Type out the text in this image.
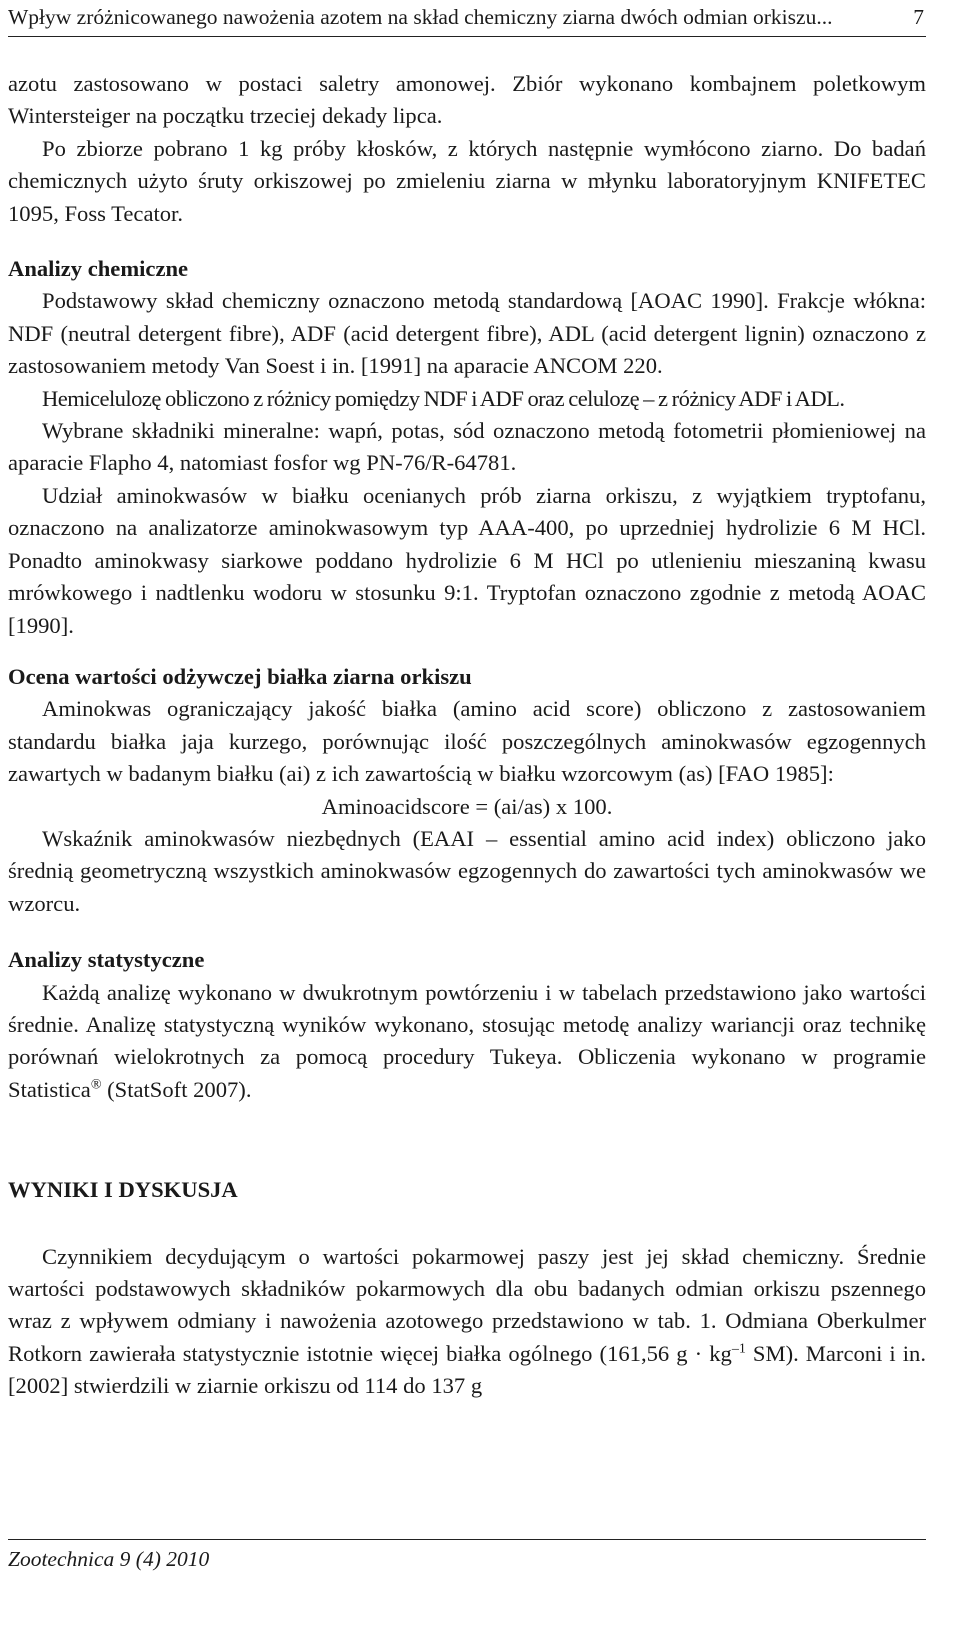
Wpływ zróżnicowanego nawożenia azotem na skład chemiczny ziarna dwóch odmian orkiszu...	7

azotu zastosowano w postaci saletry amonowej. Zbiór wykonano kombajnem poletkowym Wintersteiger na początku trzeciej dekady lipca.

Po zbiorze pobrano 1 kg próby kłosków, z których następnie wymłócono ziarno. Do badań chemicznych użyto śruty orkiszowej po zmieleniu ziarna w młynku laboratoryjnym KNIFETEC 1095, Foss Tecator.

Analizy chemiczne

Podstawowy skład chemiczny oznaczono metodą standardową [AOAC 1990]. Frakcje włókna: NDF (neutral detergent fibre), ADF (acid detergent fibre), ADL (acid detergent lignin) oznaczono z zastosowaniem metody Van Soest i in. [1991] na aparacie ANCOM 220.

Hemicelulozę obliczono z różnicy pomiędzy NDF i ADF oraz celulozę – z różnicy ADF i ADL.

Wybrane składniki mineralne: wapń, potas, sód oznaczono metodą fotometrii płomieniowej na aparacie Flapho 4, natomiast fosfor wg PN-76/R-64781.

Udział aminokwasów w białku ocenianych prób ziarna orkiszu, z wyjątkiem tryptofanu, oznaczono na analizatorze aminokwasowym typ AAA-400, po uprzedniej hydrolizie 6 M HCl. Ponadto aminokwasy siarkowe poddano hydrolizie 6 M HCl po utlenieniu mieszaniną kwasu mrówkowego i nadtlenku wodoru w stosunku 9:1. Tryptofan oznaczono zgodnie z metodą AOAC [1990].

Ocena wartości odżywczej białka ziarna orkiszu

Aminokwas ograniczający jakość białka (amino acid score) obliczono z zastosowaniem standardu białka jaja kurzego, porównując ilość poszczególnych aminokwasów egzogennych zawartych w badanym białku (ai) z ich zawartością w białku wzorcowym (as) [FAO 1985]:

Aminoacidscore = (ai/as) x 100.

Wskaźnik aminokwasów niezbędnych (EAAI – essential amino acid index) obliczono jako średnią geometryczną wszystkich aminokwasów egzogennych do zawartości tych aminokwasów we wzorcu.

Analizy statystyczne

Każdą analizę wykonano w dwukrotnym powtórzeniu i w tabelach przedstawiono jako wartości średnie. Analizę statystyczną wyników wykonano, stosując metodę analizy wariancji oraz technikę porównań wielokrotnych za pomocą procedury Tukeya. Obliczenia wykonano w programie Statistica® (StatSoft 2007).

WYNIKI I DYSKUSJA

Czynnikiem decydującym o wartości pokarmowej paszy jest jej skład chemiczny. Średnie wartości podstawowych składników pokarmowych dla obu badanych odmian orkiszu pszennego wraz z wpływem odmiany i nawożenia azotowego przedstawiono w tab. 1. Odmiana Oberkulmer Rotkorn zawierała statystycznie istotnie więcej białka ogólnego (161,56 $g \cdot kg^{-1}$ SM). Marconi i in. [2002] stwierdzili w ziarnie orkiszu od 114 do 137 g

Zootechnica 9 (4) 2010
